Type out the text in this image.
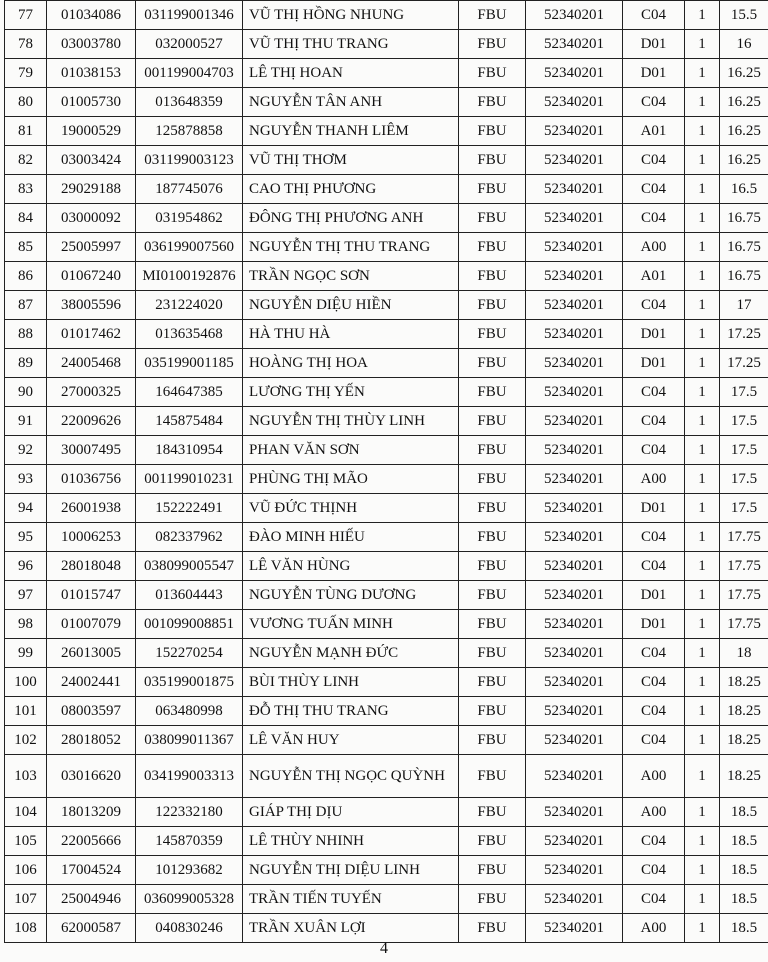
77	01034086	031199001346	VŨ THỊ HỒNG NHUNG	FBU	52340201	C04	1	15.5
78	03003780	032000527	VŨ THỊ THU TRANG	FBU	52340201	D01	1	16
79	01038153	001199004703	LÊ THỊ HOAN	FBU	52340201	D01	1	16.25
80	01005730	013648359	NGUYỄN TÂN ANH	FBU	52340201	C04	1	16.25
81	19000529	125878858	NGUYỄN THANH LIÊM	FBU	52340201	A01	1	16.25
82	03003424	031199003123	VŨ THỊ THƠM	FBU	52340201	C04	1	16.25
83	29029188	187745076	CAO THỊ PHƯƠNG	FBU	52340201	C04	1	16.5
84	03000092	031954862	ĐÔNG THỊ PHƯƠNG ANH	FBU	52340201	C04	1	16.75
85	25005997	036199007560	NGUYỄN THỊ THU TRANG	FBU	52340201	A00	1	16.75
86	01067240	MI0100192876	TRẦN NGỌC SƠN	FBU	52340201	A01	1	16.75
87	38005596	231224020	NGUYỄN DIỆU HIỀN	FBU	52340201	C04	1	17
88	01017462	013635468	HÀ THU HÀ	FBU	52340201	D01	1	17.25
89	24005468	035199001185	HOÀNG THỊ HOA	FBU	52340201	D01	1	17.25
90	27000325	164647385	LƯƠNG THỊ YẾN	FBU	52340201	C04	1	17.5
91	22009626	145875484	NGUYỄN THỊ THÙY LINH	FBU	52340201	C04	1	17.5
92	30007495	184310954	PHAN VĂN SƠN	FBU	52340201	C04	1	17.5
93	01036756	001199010231	PHÙNG THỊ MÃO	FBU	52340201	A00	1	17.5
94	26001938	152222491	VŨ ĐỨC THỊNH	FBU	52340201	D01	1	17.5
95	10006253	082337962	ĐÀO MINH HIẾU	FBU	52340201	C04	1	17.75
96	28018048	038099005547	LÊ VĂN HÙNG	FBU	52340201	C04	1	17.75
97	01015747	013604443	NGUYỄN TÙNG DƯƠNG	FBU	52340201	D01	1	17.75
98	01007079	001099008851	VƯƠNG TUẤN MINH	FBU	52340201	D01	1	17.75
99	26013005	152270254	NGUYỄN MẠNH ĐỨC	FBU	52340201	C04	1	18
100	24002441	035199001875	BÙI THÙY LINH	FBU	52340201	C04	1	18.25
101	08003597	063480998	ĐỖ THỊ THU TRANG	FBU	52340201	C04	1	18.25
102	28018052	038099011367	LÊ VĂN HUY	FBU	52340201	C04	1	18.25
103	03016620	034199003313	NGUYỄN THỊ NGỌC QUỲNH	FBU	52340201	A00	1	18.25
104	18013209	122332180	GIÁP THỊ DỊU	FBU	52340201	A00	1	18.5
105	22005666	145870359	LÊ THÙY NHINH	FBU	52340201	C04	1	18.5
106	17004524	101293682	NGUYỄN THỊ DIỆU LINH	FBU	52340201	C04	1	18.5
107	25004946	036099005328	TRẦN TIẾN TUYẾN	FBU	52340201	C04	1	18.5
108	62000587	040830246	TRẦN XUÂN LỢI	FBU	52340201	A00	1	18.5
4
